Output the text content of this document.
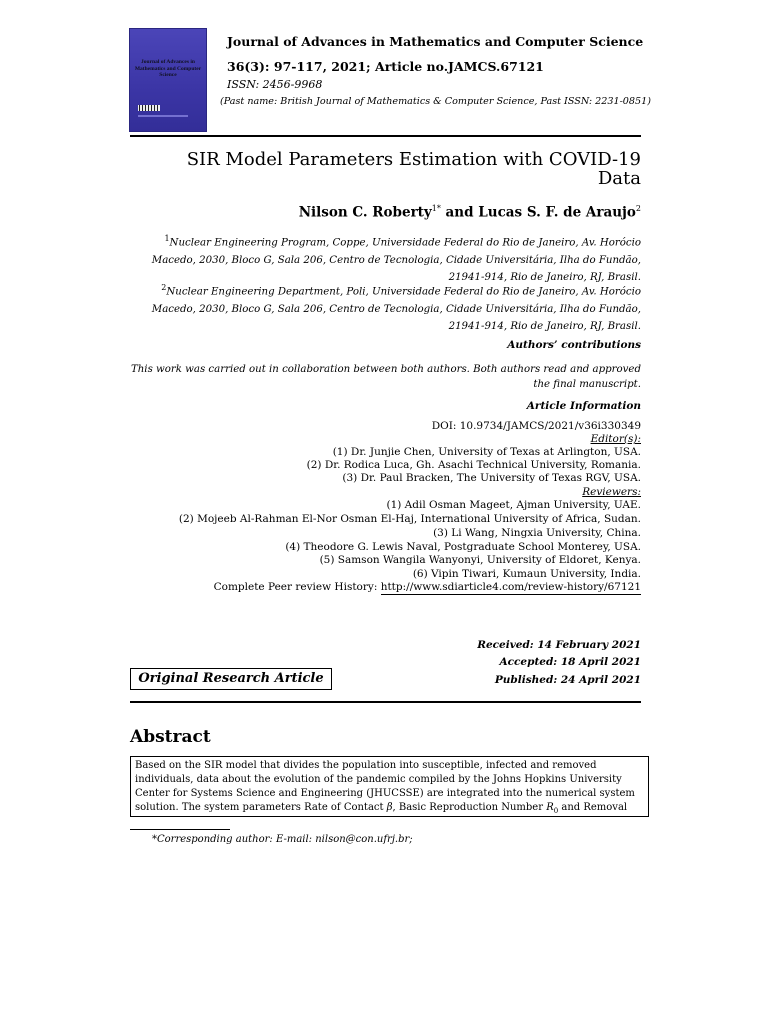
Journal of Advances in Mathematics and Computer Science
Journal of Advances in Mathematics and Computer Science
36(3): 97-117, 2021; Article no.JAMCS.67121
ISSN: 2456-9968
(Past name: British Journal of Mathematics & Computer Science, Past ISSN: 2231-0851)
SIR Model Parameters Estimation with COVID-19
Data
Nilson C. Roberty$^{1*}$ and Lucas S. F. de Araujo$^2$
$^1$Nuclear Engineering Program, Coppe, Universidade Federal do Rio de Janeiro, Av. Horócio
Macedo, 2030, Bloco G, Sala 206, Centro de Tecnologia, Cidade Universitária, Ilha do Fundão,
21941-914, Rio de Janeiro, RJ, Brasil.
$^2$Nuclear Engineering Department, Poli, Universidade Federal do Rio de Janeiro, Av. Horócio
Macedo, 2030, Bloco G, Sala 206, Centro de Tecnologia, Cidade Universitária, Ilha do Fundão,
21941-914, Rio de Janeiro, RJ, Brasil.
Authors’ contributions
This work was carried out in collaboration between both authors. Both authors read and approved
the final manuscript.
Article Information
DOI: 10.9734/JAMCS/2021/v36i330349
Editor(s):
(1) Dr. Junjie Chen, University of Texas at Arlington, USA.
(2) Dr. Rodica Luca, Gh. Asachi Technical University, Romania.
(3) Dr. Paul Bracken, The University of Texas RGV, USA.
Reviewers:
(1) Adil Osman Mageet, Ajman University, UAE.
(2) Mojeeb Al-Rahman El-Nor Osman El-Haj, International University of Africa, Sudan.
(3) Li Wang, Ningxia University, China.
(4) Theodore G. Lewis Naval, Postgraduate School Monterey, USA.
(5) Samson Wangila Wanyonyi, University of Eldoret, Kenya.
(6) Vipin Tiwari, Kumaun University, India.
Complete Peer review History: http://www.sdiarticle4.com/review-history/67121
Received: 14 February 2021
Accepted: 18 April 2021
Published: 24 April 2021
Original Research Article
Abstract
Based on the SIR model that divides the population into susceptible, infected and removed
individuals, data about the evolution of the pandemic compiled by the Johns Hopkins University
Center for Systems Science and Engineering (JHUCSSE) are integrated into the numerical system
solution. The system parameters Rate of Contact β, Basic Reproduction Number $R_0$ and Removal
*Corresponding author: E-mail: nilson@con.ufrj.br;
